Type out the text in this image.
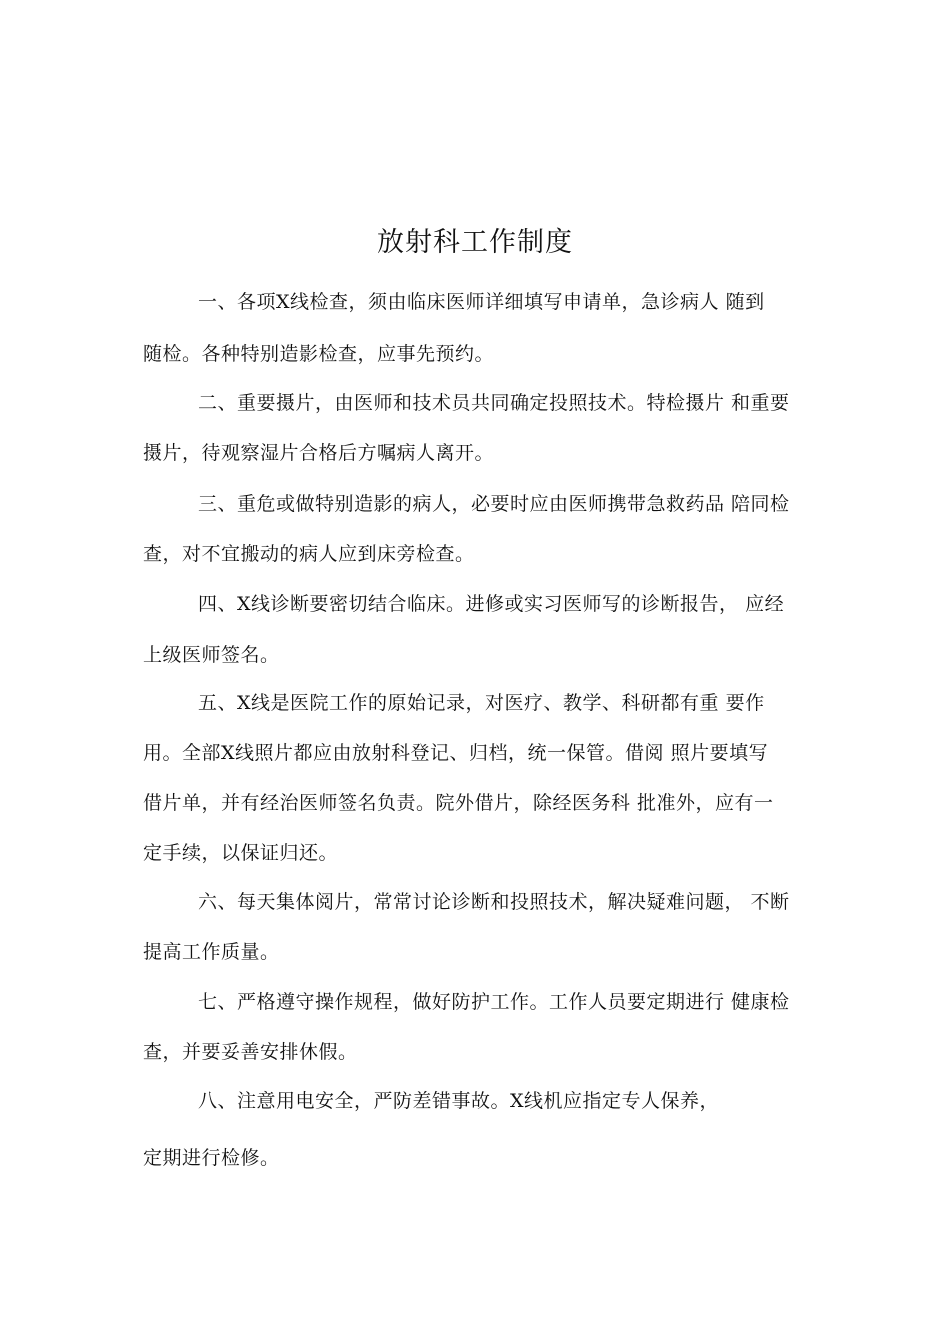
放射科工作制度
一、各项X线检查，须由临床医师详细填写申请单，急诊病人 随到
随检。各种特别造影检查，应事先预约。
二、重要摄片，由医师和技术员共同确定投照技术。特检摄片 和重要
摄片，待观察湿片合格后方嘱病人离开。
三、重危或做特别造影的病人，必要时应由医师携带急救药品 陪同检
查，对不宜搬动的病人应到床旁检查。
四、X线诊断要密切结合临床。进修或实习医师写的诊断报告， 应经
上级医师签名。
五、X线是医院工作的原始记录，对医疗、教学、科研都有重 要作
用。全部X线照片都应由放射科登记、归档，统一保管。借阅 照片要填写
借片单，并有经治医师签名负责。院外借片，除经医务科 批准外，应有一
定手续，以保证归还。
六、每天集体阅片，常常讨论诊断和投照技术，解决疑难问题， 不断
提高工作质量。
七、严格遵守操作规程，做好防护工作。工作人员要定期进行 健康检
查，并要妥善安排休假。
八、注意用电安全，严防差错事故。X线机应指定专人保养，
定期进行检修。
